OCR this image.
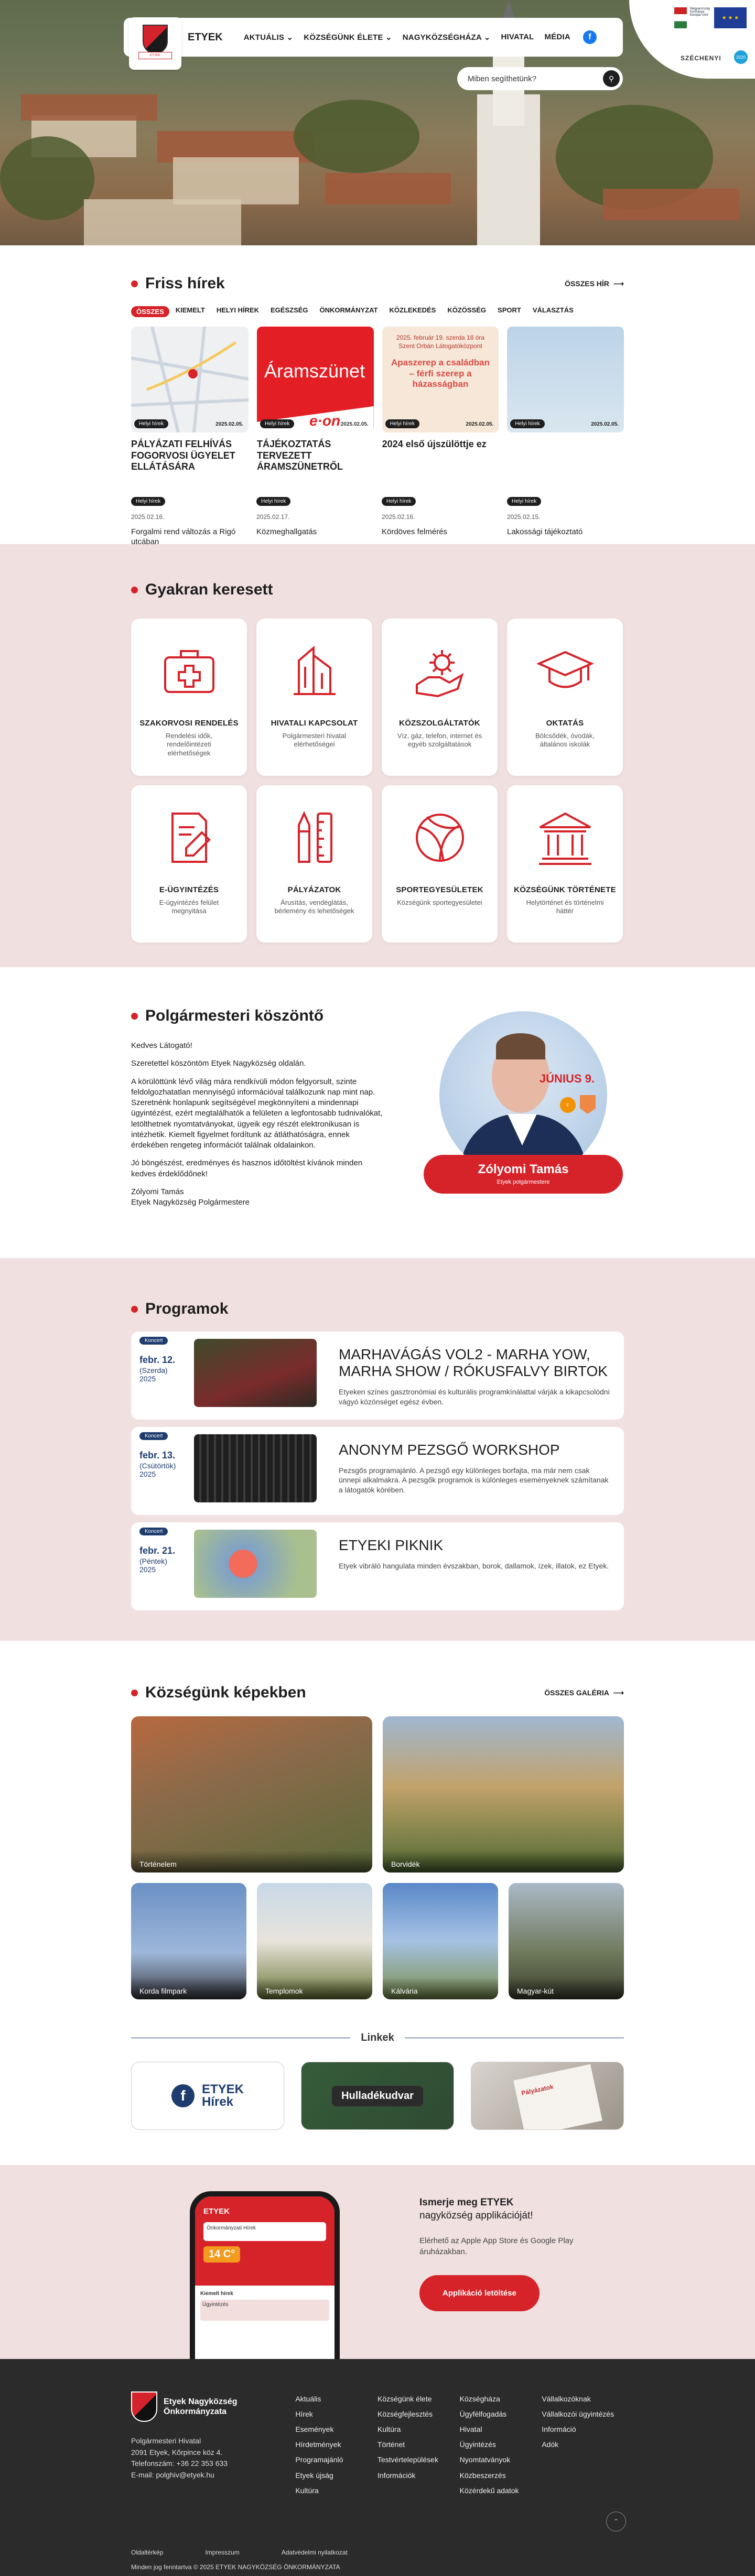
ETYEK
ETYEK	AKTUÁLIS ⌄ KÖZSÉGÜNK ÉLETE ⌄ NAGYKÖZSÉGHÁZA ⌄ HIVATAL MÉDIA	f
Miben segíthetünk?	⚲
Magyarország Kormánya Európai Unió	★ ★ ★
SZÉCHENYI	2020
Friss hírek	ÖSSZES HÍR ⟶
ÖSSZES	KIEMELT HELYI HÍREK EGÉSZSÉG ÖNKORMÁNYZAT KÖZLEKEDÉS KÖZÖSSÉG SPORT VÁLASZTÁS
Helyi hírek	2025.02.05.
PÁLYÁZATI FELHÍVÁS FOGORVOSI ÜGYELET ELLÁTÁSÁRA
Áramszünet
e·on
Helyi hírek	2025.02.05.
TÁJÉKOZTATÁS TERVEZETT ÁRAMSZÜNETRŐL
2025. február 19. szerda 18 óra Szent Orbán Látogatóközpont
Apaszerep a családban – férfi szerep a házasságban
Helyi hírek	2025.02.05.
2024 első újszülöttje ez
Helyi hírek	2025.02.05.
Helyi hírek
2025.02.16.
Forgalmi rend változás a Rigó utcában
Helyi hírek
2025.02.17.
Közmeghallgatás
Helyi hírek
2025.02.16.
Kördöves felmérés
Helyi hírek
2025.02.15.
Lakossági tájékoztató
Gyakran keresett
SZAKORVOSI RENDELÉS
Rendelési idők, rendelőintézeti elérhetőségek
HIVATALI KAPCSOLAT
Polgármesteri hivatal elérhetőségei
KÖZSZOLGÁLTATÓK
Víz, gáz, telefon, internet és egyéb szolgáltatások
OKTATÁS
Bölcsődék, óvodák, általános iskolák
E-ÜGYINTÉZÉS
E-ügyintézés felület megnyitása
PÁLYÁZATOK
Árusítás, vendéglátás, bérlemény és lehetőségek
SPORTEGYESÜLETEK
Községünk sportegyesületei
KÖZSÉGÜNK TÖRTÉNETE
Helytörténet és történelmi háttér
Polgármesteri köszöntő

Kedves Látogató!

Szeretettel köszöntöm Etyek Nagyközség oldalán.

A körülöttünk lévő világ mára rendkívüli módon felgyorsult, szinte feldolgozhatatlan mennyiségű információval találkozunk nap mint nap. Szeretnénk honlapunk segítségével megkönnyíteni a mindennapi ügyintézést, ezért megtalálhatók a felületen a legfontosabb tudnivalókat, letölthetnek nyomtatványokat, ügyeik egy részét elektronikusan is intézhetik. Kiemelt figyelmet fordítunk az átláthatóságra, ennek érdekében rengeteg információt találnak oldalainkon.

Jó böngészést, eredményes és hasznos időtöltést kívánok minden kedves érdeklődőnek!

Zólyomi Tamás
Etyek Nagyközség Polgármestere
JÚNIUS 9.
F
Zólyomi Tamás
Etyek polgármestere
Programok
Koncert
febr. 12.
(Szerda)
2025
MARHAVÁGÁS VOL2 - MARHA YOW, MARHA SHOW / RÓKUSFALVY BIRTOK
Etyeken színes gasztronómiai és kulturális programkínálattal várják a kikapcsolódni vágyó közönséget egész évben.
Koncert
febr. 13.
(Csütörtök)
2025
ANONYM PEZSGŐ WORKSHOP
Pezsgős programajánló. A pezsgő egy különleges borfajta, ma már nem csak ünnepi alkalmakra. A pezsgők programok is különleges eseményeknek számítanak a látogatók körében.
Koncert
febr. 21.
(Péntek)
2025
ETYEKI PIKNIK
Etyek vibráló hangulata minden évszakban, borok, dallamok, ízek, illatok, ez Etyek.
Községünk képekben	ÖSSZES GALÉRIA ⟶
Történelem	Borvidék
Korda filmpark	Templomok	Kálvária	Magyar-kút
Linkek
f	ETYEK
Hírek	Hulladékudvar	Pályázatok
ETYEK
Önkormányzati Hírek
14 C°
Kiemelt hírek
Ügyintézés
Ismerje meg ETYEK
nagyközség applikációját!
Elérhető az Apple App Store és Google Play áruházakban.
Applikáció letöltése
Etyek Nagyközség Önkormányzata
Polgármesteri Hivatal
2091 Etyek, Kőrpince köz 4.
Telefonszám: +36 22 353 633
E-mail: polghiv@etyek.hu
Aktuális
Hírek
Események
Hírdetmények
Programajánló
Etyek újság
Kultúra
Községünk élete
Községfejlesztés
Kultúra
Történet
Testvértelepülések
Információk
Községháza
Ügyfélfogadás
Hivatal
Ügyintézés
Nyomtatványok
Közbeszerzés
Közérdekű adatok
Vállalkozóknak
Vállalkozói ügyintézés
Információ
Adók
Oldaltérkép	Impresszum	Adatvédelmi nyilatkozat
Minden jog fenntartva © 2025 ETYEK NAGYKÖZSÉG ÖNKORMÁNYZATA
⌃
